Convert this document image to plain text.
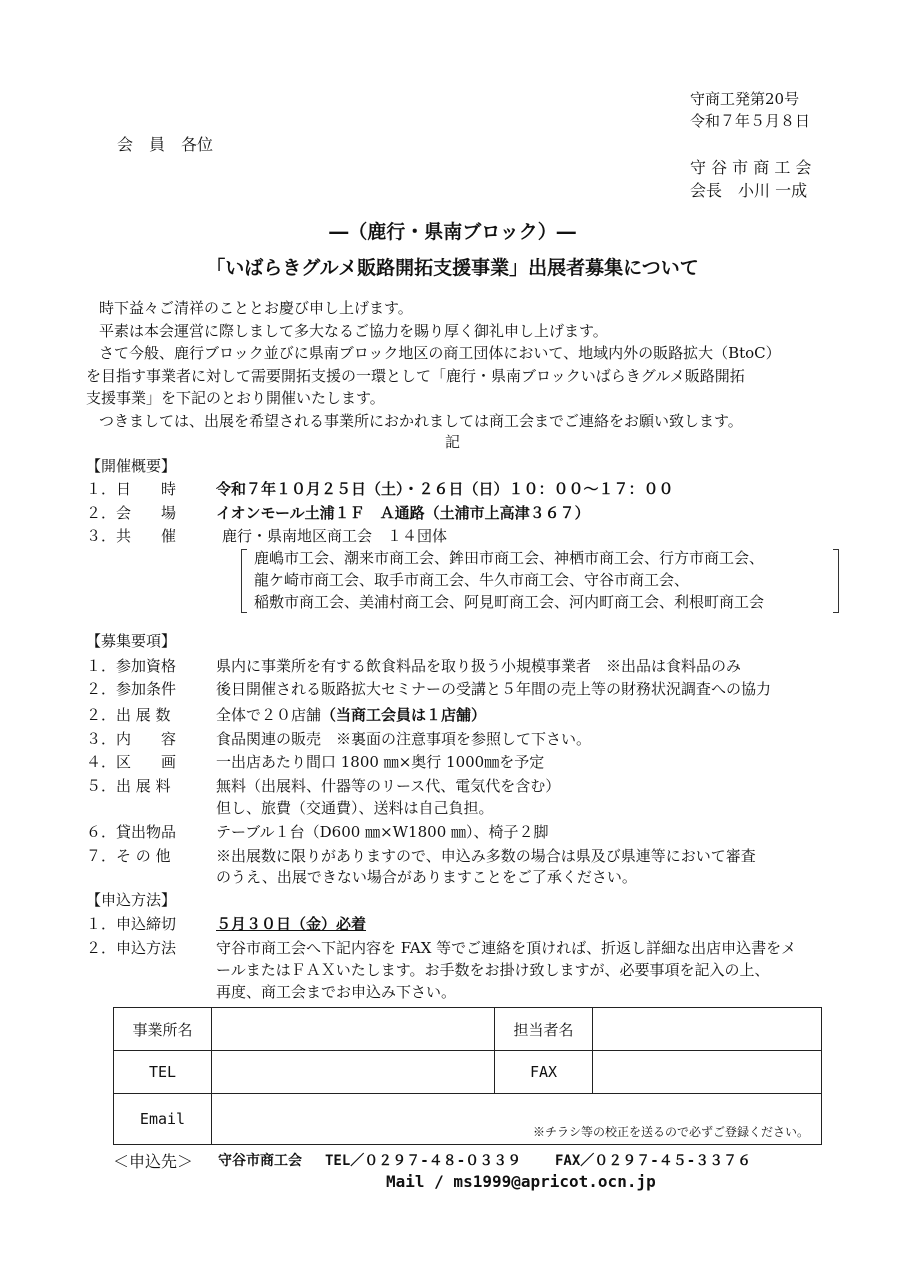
守商工発第20号
令和７年５月８日
会　員　各位
守 谷 市 商 工 会
会長　小川 一成
―（鹿行・県南ブロック）―
「いばらきグルメ販路開拓支援事業」出展者募集について

時下益々ご清祥のこととお慶び申し上げます。

平素は本会運営に際しまして多大なるご協力を賜り厚く御礼申し上げます。

さて今般、鹿行ブロック並びに県南ブロック地区の商工団体において、地域内外の販路拡大（BtoC）

を目指す事業者に対して需要開拓支援の一環として「鹿行・県南ブロックいばらきグルメ販路開拓

支援事業」を下記のとおり開催いたします。

つきましては、出展を希望される事業所におかれましては商工会までご連絡をお願い致します。

記
【開催概要】
１．日　　時	令和７年１０月２５日（土）・２６日（日）１０：００～１７：００
２．会　　場	イオンモール土浦１Ｆ　Ａ通路（土浦市上高津３６７）
３．共　　催	鹿行・県南地区商工会　１４団体
鹿嶋市工会、潮来市商工会、鉾田市商工会、神栖市商工会、行方市商工会、
龍ケ崎市商工会、取手市商工会、牛久市商工会、守谷市商工会、
稲敷市商工会、美浦村商工会、阿見町商工会、河内町商工会、利根町商工会
【募集要項】
１．参加資格	県内に事業所を有する飲食料品を取り扱う小規模事業者　※出品は食料品のみ
２．参加条件	後日開催される販路拡大セミナーの受講と５年間の売上等の財務状況調査への協力
２．出 展 数	全体で２０店舗（当商工会員は１店舗）
３．内　　容	食品関連の販売　※裏面の注意事項を参照して下さい。
４．区　　画	一出店あたり間口 1800 ㎜×奥行 1000㎜を予定
５．出 展 料	無料（出展料、什器等のリース代、電気代を含む）
但し、旅費（交通費）、送料は自己負担。
６．貸出物品	テーブル１台（D600 ㎜×W1800 ㎜）、椅子２脚
７．そ の 他	※出展数に限りがありますので、申込み多数の場合は県及び県連等において審査
のうえ、出展できない場合がありますことをご了承ください。
【申込方法】
１．申込締切	５月３０日（金）必着
２．申込方法	守谷市商工会へ下記内容を FAX 等でご連絡を頂ければ、折返し詳細な出店申込書をメ
ールまたはＦＡＸいたします。お手数をお掛け致しますが、必要事項を記入の上、
再度、商工会までお申込み下さい。
事業所名		担当者名	
TEL		FAX	
Email	※チラシ等の校正を送るので必ずご登録ください。		
＜申込先＞ 守谷市商工会 TEL／０２９７-４８-０３３９ FAX／０２９７-４５-３３７６
Mail / ms1999@apricot.ocn.jp
